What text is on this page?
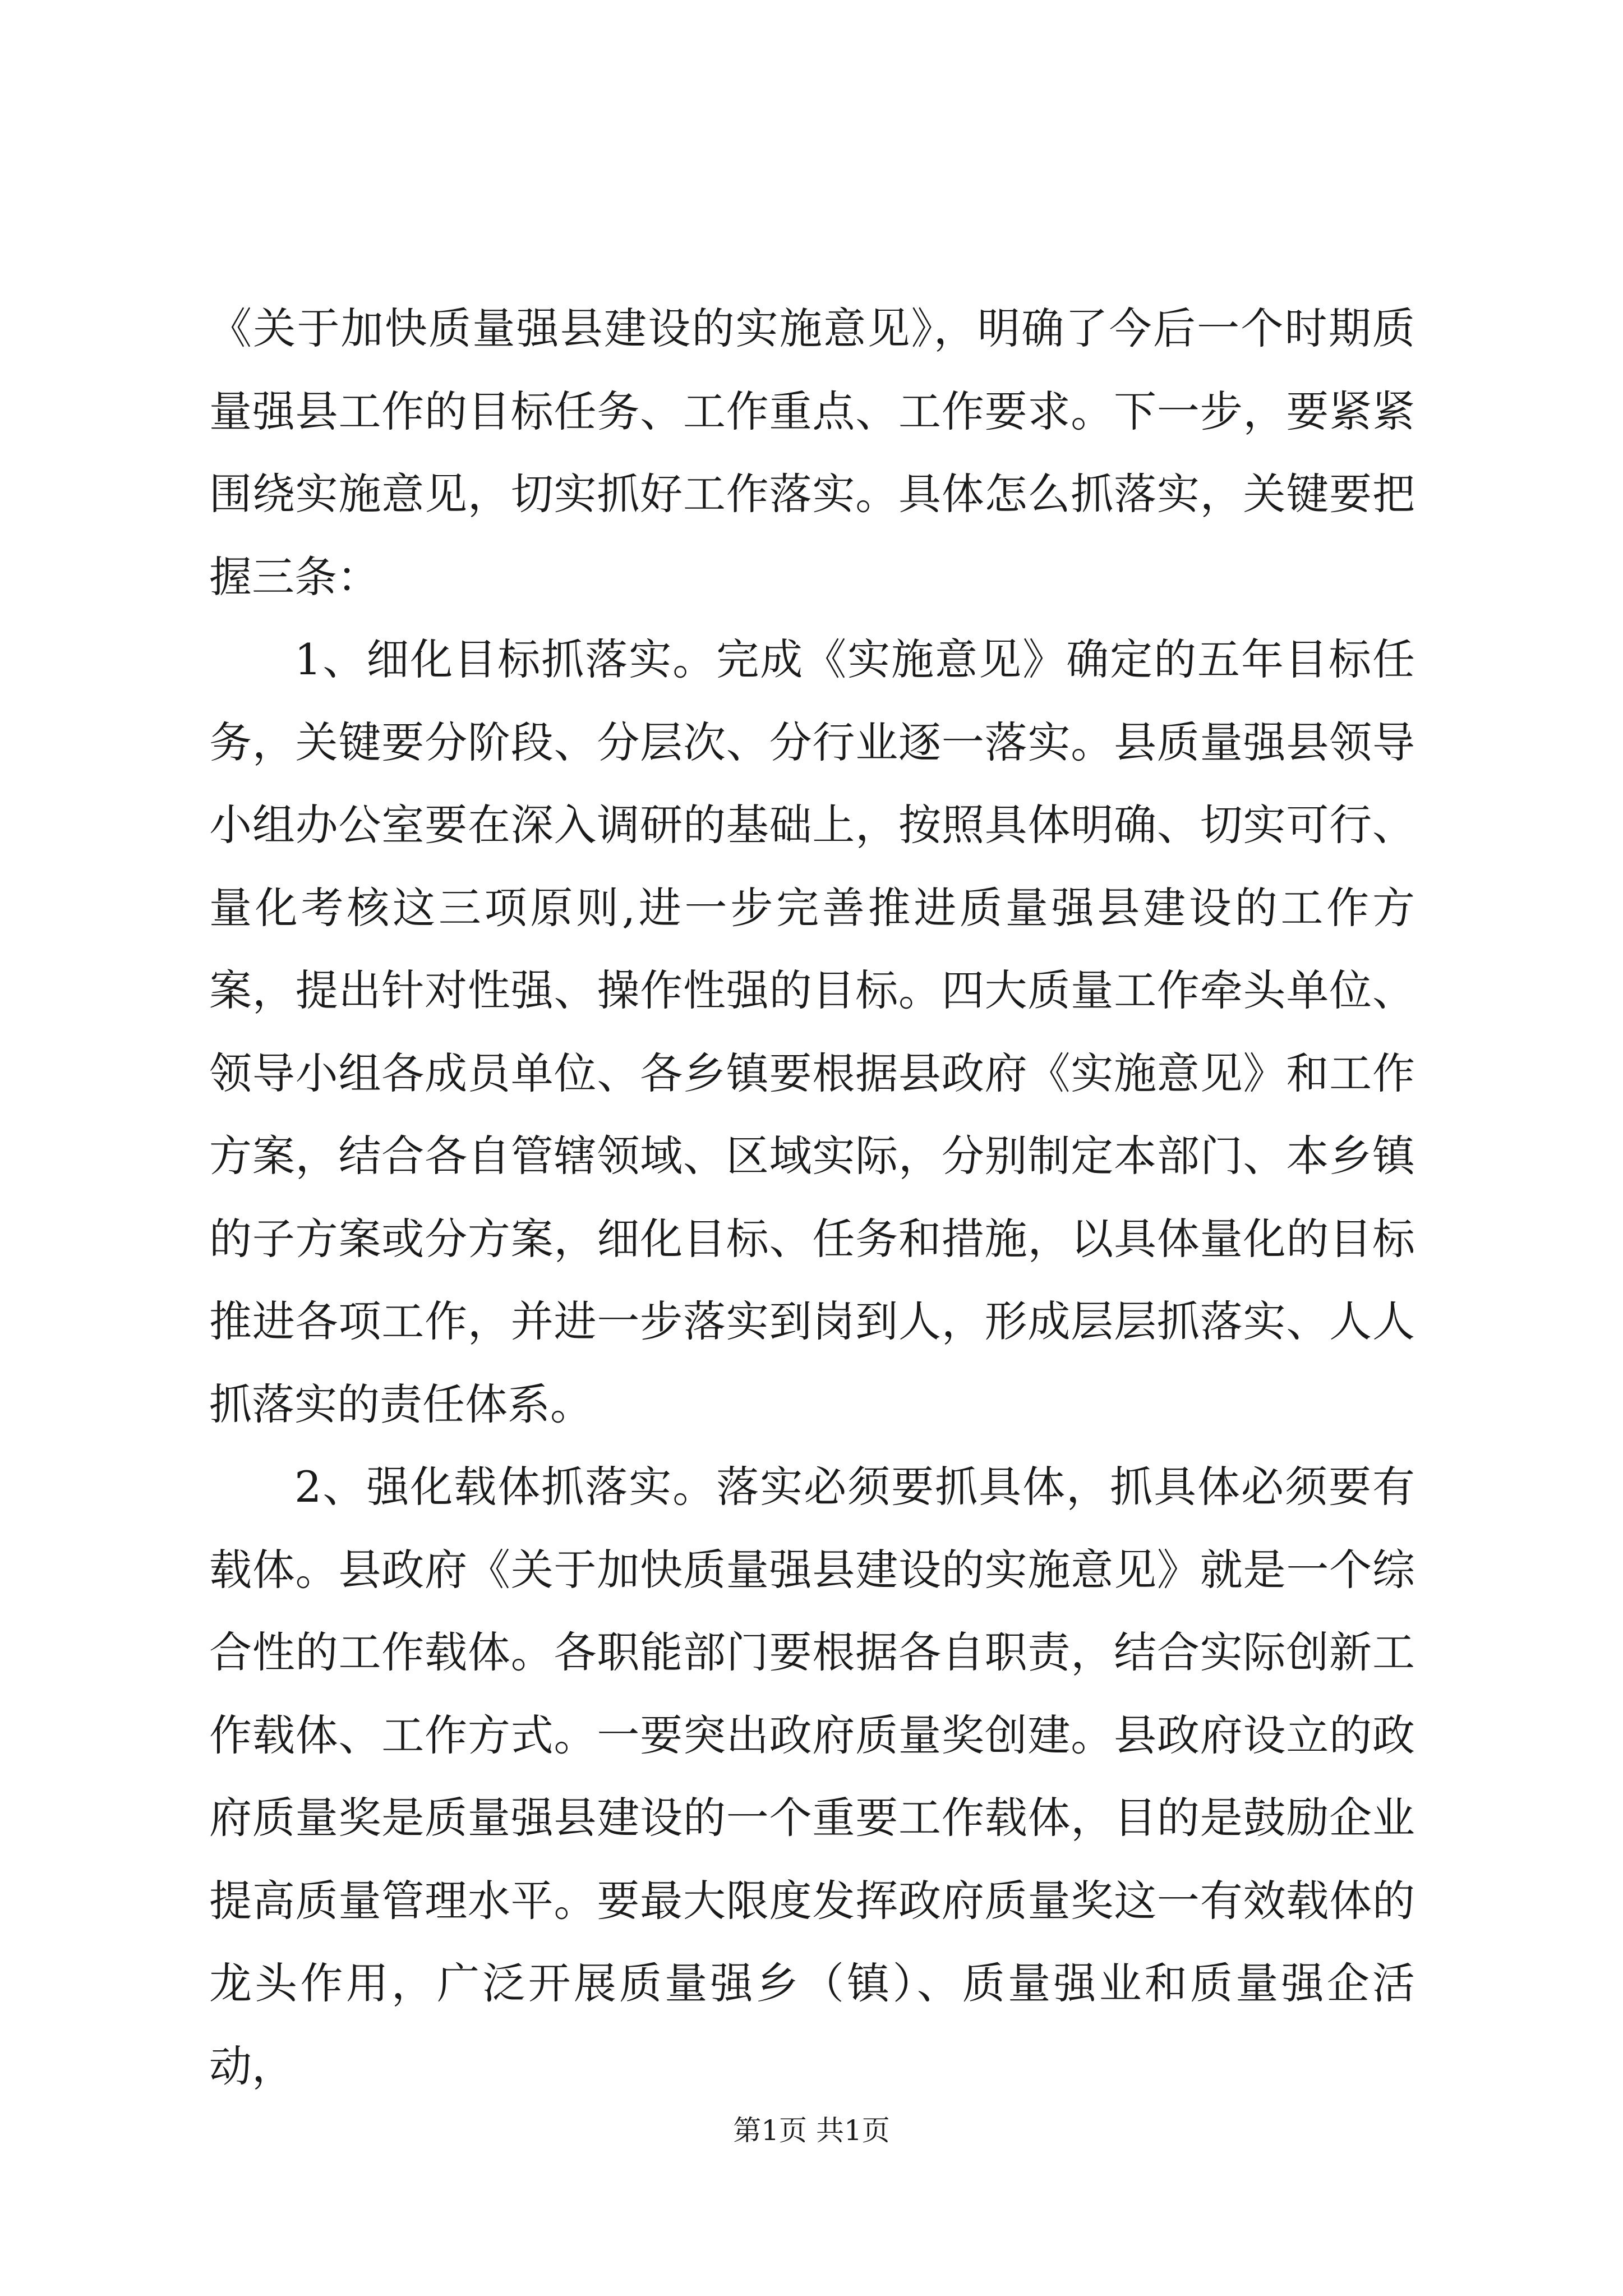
《关于加快质量强县建设的实施意见》，明确了今后一个时期质量强县工作的目标任务、工作重点、工作要求。下一步，要紧紧围绕实施意见，切实抓好工作落实。具体怎么抓落实，关键要把握三条：

1、细化目标抓落实。完成《实施意见》确定的五年目标任务，关键要分阶段、分层次、分行业逐一落实。县质量强县领导小组办公室要在深入调研的基础上，按照具体明确、切实可行、量化考核这三项原则,进一步完善推进质量强县建设的工作方案，提出针对性强、操作性强的目标。四大质量工作牵头单位、领导小组各成员单位、各乡镇要根据县政府《实施意见》和工作方案，结合各自管辖领域、区域实际，分别制定本部门、本乡镇的子方案或分方案，细化目标、任务和措施，以具体量化的目标推进各项工作，并进一步落实到岗到人，形成层层抓落实、人人抓落实的责任体系。

2、强化载体抓落实。落实必须要抓具体，抓具体必须要有载体。县政府《关于加快质量强县建设的实施意见》就是一个综合性的工作载体。各职能部门要根据各自职责，结合实际创新工作载体、工作方式。一要突出政府质量奖创建。县政府设立的政府质量奖是质量强县建设的一个重要工作载体，目的是鼓励企业提高质量管理水平。要最大限度发挥政府质量奖这一有效载体的龙头作用，广泛开展质量强乡（镇）、质量强业和质量强企活动，

第1页 共1页
